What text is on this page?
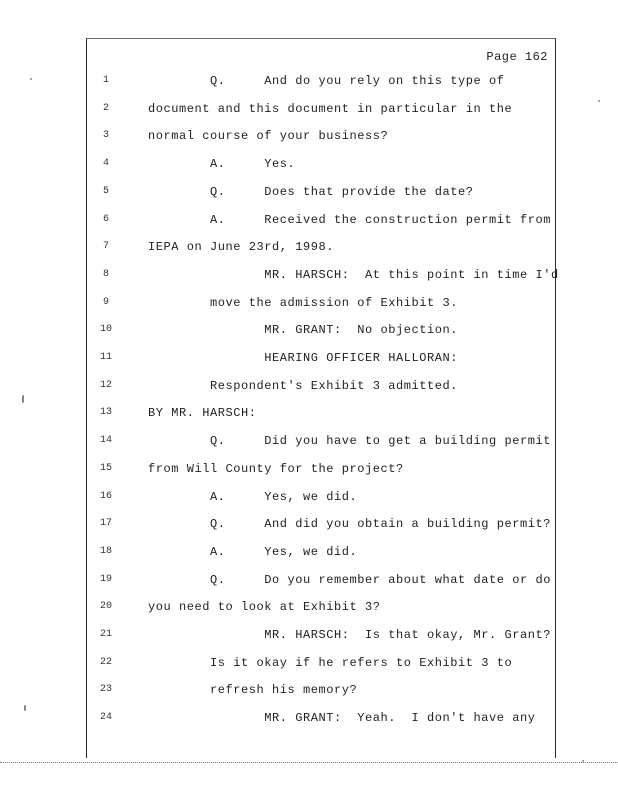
Page 162
1	Q.     And do you rely on this type of
2	document and this document in particular in the
3	normal course of your business?
4	A.     Yes.
5	Q.     Does that provide the date?
6	A.     Received the construction permit from
7	IEPA on June 23rd, 1998.
8	MR. HARSCH:  At this point in time I'd
9	move the admission of Exhibit 3.
10	MR. GRANT:  No objection.
11	HEARING OFFICER HALLORAN:
12	Respondent's Exhibit 3 admitted.
13	BY MR. HARSCH:
14	Q.     Did you have to get a building permit
15	from Will County for the project?
16	A.     Yes, we did.
17	Q.     And did you obtain a building permit?
18	A.     Yes, we did.
19	Q.     Do you remember about what date or do
20	you need to look at Exhibit 3?
21	MR. HARSCH:  Is that okay, Mr. Grant?
22	Is it okay if he refers to Exhibit 3 to
23	refresh his memory?
24	MR. GRANT:  Yeah.  I don't have any
